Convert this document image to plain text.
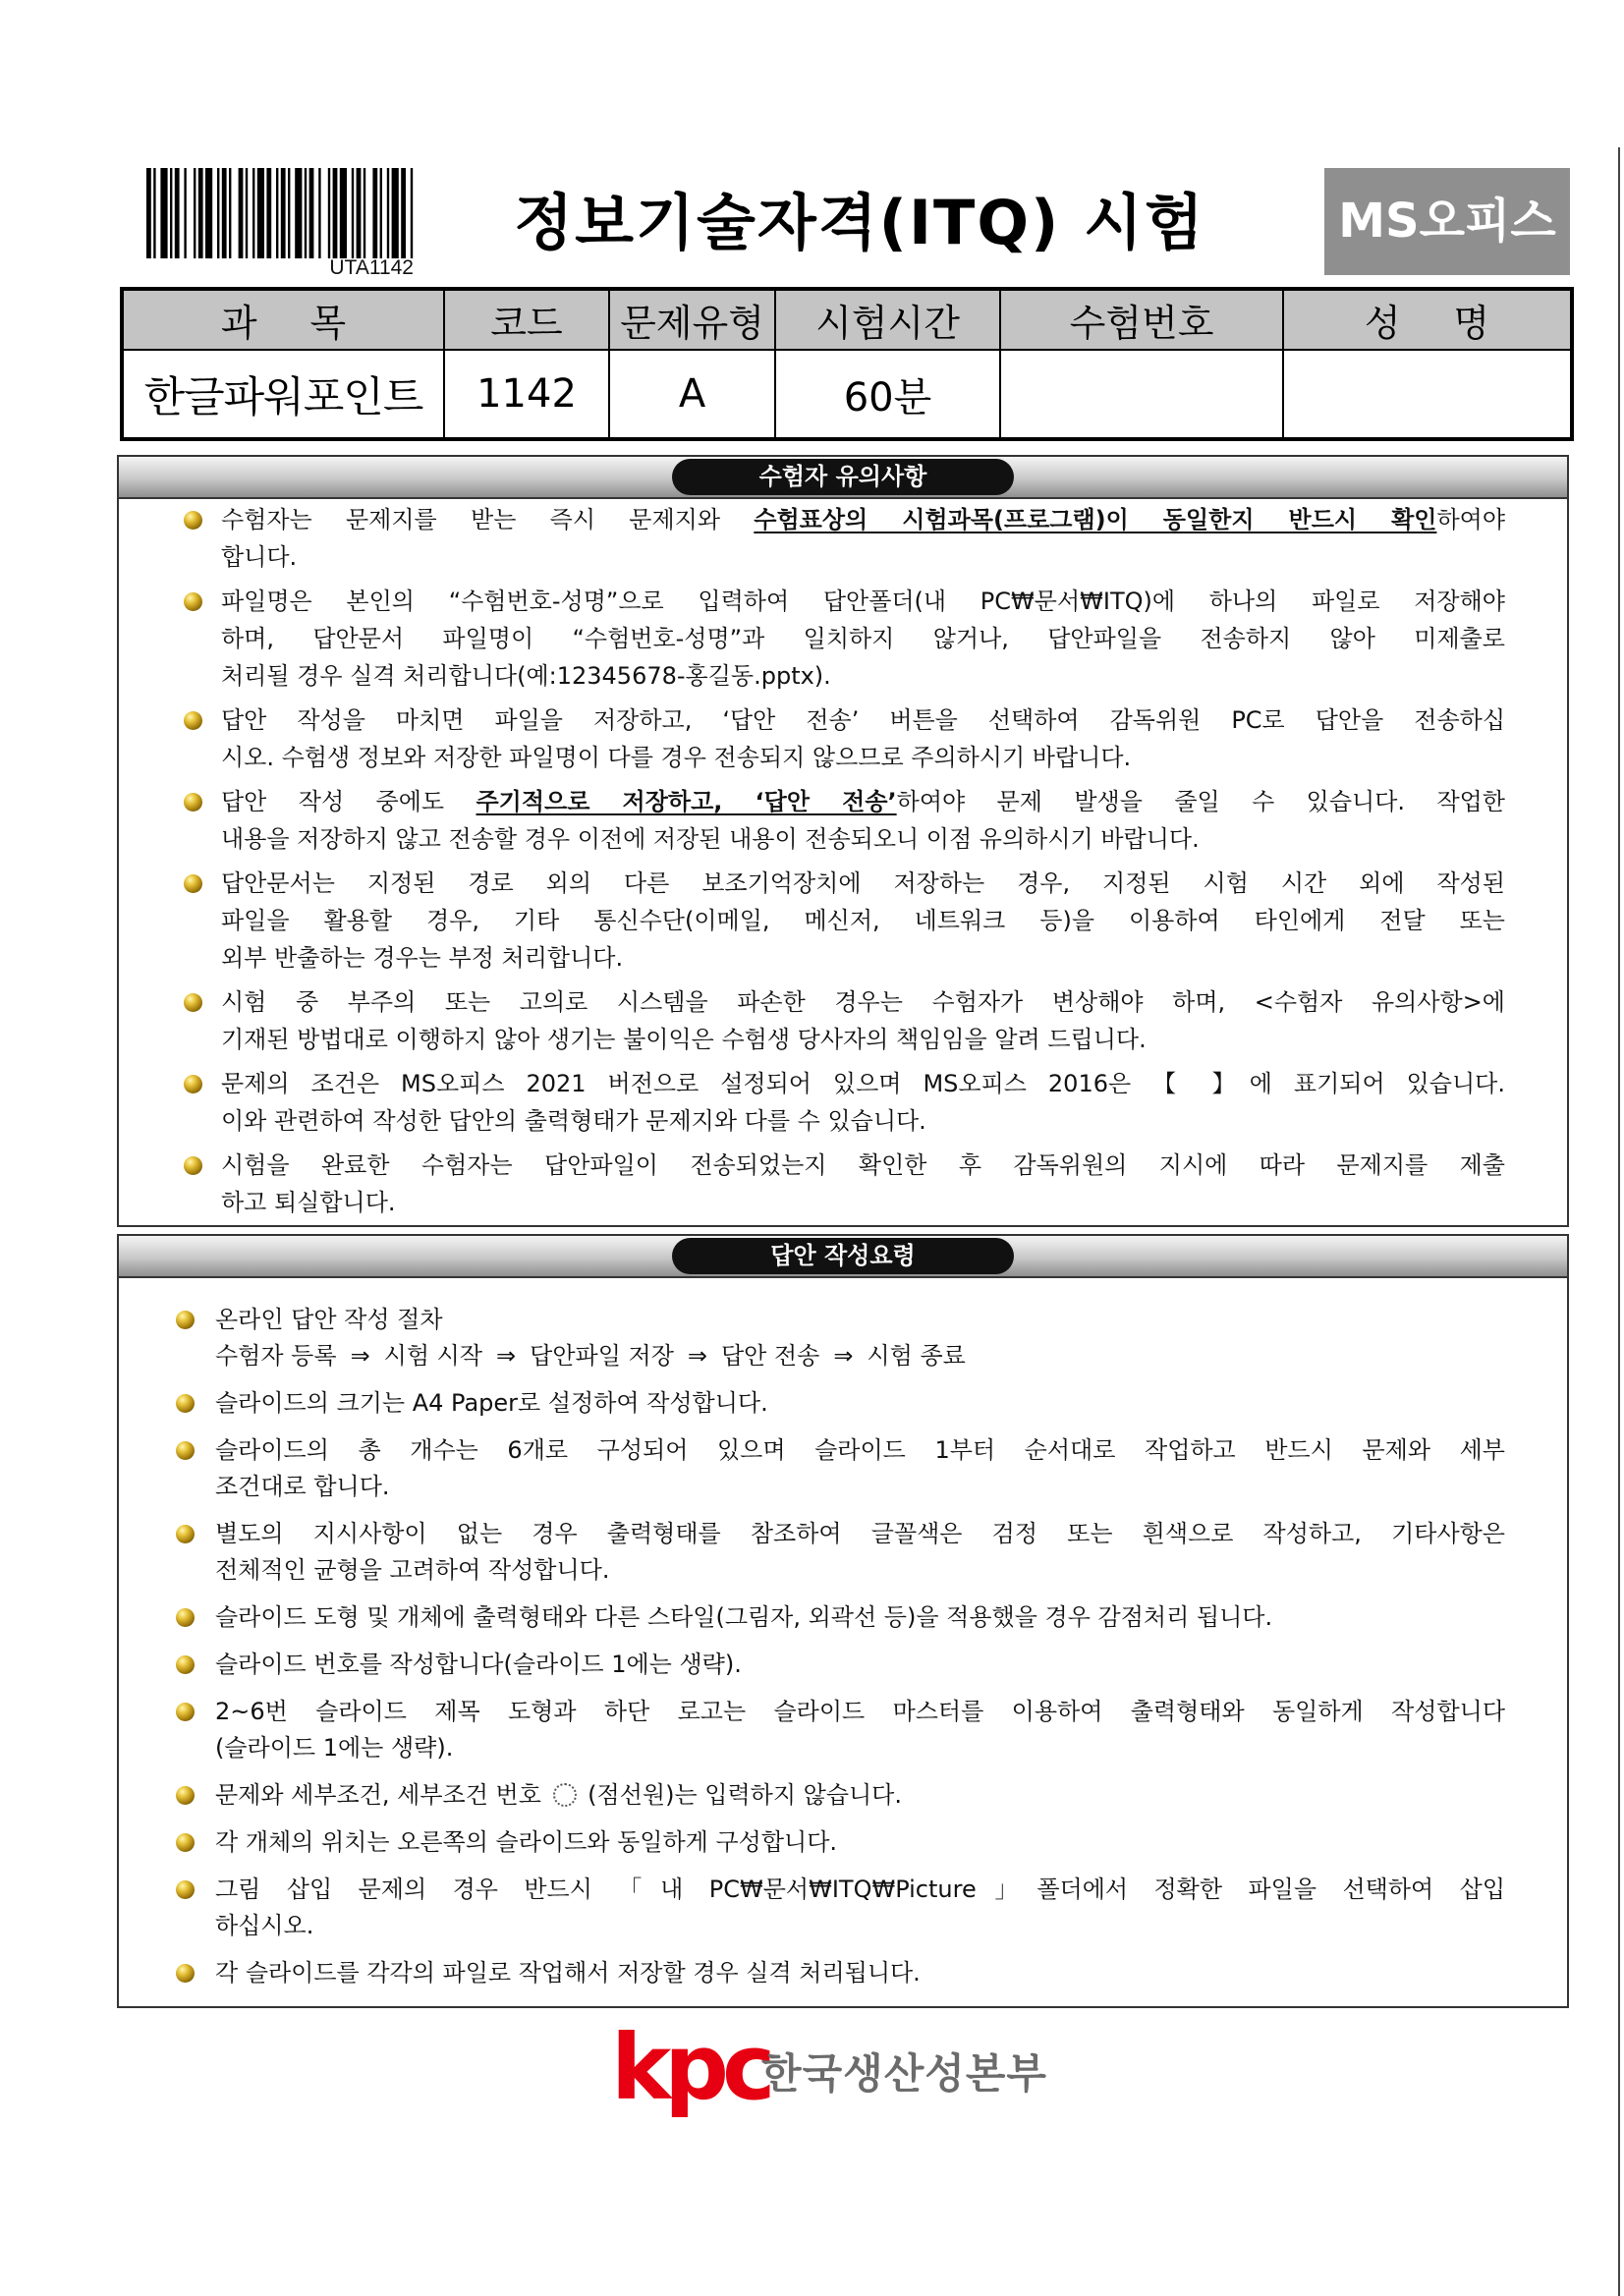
UTA1142
정보기술자격(ITQ) 시험	MS오피스
과 목	코드	문제유형	시험시간	수험번호	성 명
한글파워포인트	1142	A	60분		
수험자 유의사항
수험자는 문제지를 받는 즉시 문제지와 수험표상의 시험과목(프로그램)이 동일한지 반드시 확인하여야
합니다.
파일명은 본인의 “수험번호-성명”으로 입력하여 답안폴더(내 PC₩문서₩ITQ)에 하나의 파일로 저장해야
하며, 답안문서 파일명이 “수험번호-성명”과 일치하지 않거나, 답안파일을 전송하지 않아 미제출로
처리될 경우 실격 처리합니다(예:12345678-홍길동.pptx).
답안 작성을 마치면 파일을 저장하고, ‘답안 전송’ 버튼을 선택하여 감독위원 PC로 답안을 전송하십
시오. 수험생 정보와 저장한 파일명이 다를 경우 전송되지 않으므로 주의하시기 바랍니다.
답안 작성 중에도 주기적으로 저장하고, ‘답안 전송’하여야 문제 발생을 줄일 수 있습니다. 작업한
내용을 저장하지 않고 전송할 경우 이전에 저장된 내용이 전송되오니 이점 유의하시기 바랍니다.
답안문서는 지정된 경로 외의 다른 보조기억장치에 저장하는 경우, 지정된 시험 시간 외에 작성된
파일을 활용할 경우, 기타 통신수단(이메일, 메신저, 네트워크 등)을 이용하여 타인에게 전달 또는
외부 반출하는 경우는 부정 처리합니다.
시험 중 부주의 또는 고의로 시스템을 파손한 경우는 수험자가 변상해야 하며, <수험자 유의사항>에
기재된 방법대로 이행하지 않아 생기는 불이익은 수험생 당사자의 책임임을 알려 드립니다.
문제의 조건은 MS오피스 2021 버전으로 설정되어 있으며 MS오피스 2016은 【 】에 표기되어 있습니다.
이와 관련하여 작성한 답안의 출력형태가 문제지와 다를 수 있습니다.
시험을 완료한 수험자는 답안파일이 전송되었는지 확인한 후 감독위원의 지시에 따라 문제지를 제출
하고 퇴실합니다.
답안 작성요령
온라인 답안 작성 절차
수험자 등록 ⇒ 시험 시작 ⇒ 답안파일 저장 ⇒ 답안 전송 ⇒ 시험 종료
슬라이드의 크기는 A4 Paper로 설정하여 작성합니다.
슬라이드의 총 개수는 6개로 구성되어 있으며 슬라이드 1부터 순서대로 작업하고 반드시 문제와 세부
조건대로 합니다.
별도의 지시사항이 없는 경우 출력형태를 참조하여 글꼴색은 검정 또는 흰색으로 작성하고, 기타사항은
전체적인 균형을 고려하여 작성합니다.
슬라이드 도형 및 개체에 출력형태와 다른 스타일(그림자, 외곽선 등)을 적용했을 경우 감점처리 됩니다.
슬라이드 번호를 작성합니다(슬라이드 1에는 생략).
2~6번 슬라이드 제목 도형과 하단 로고는 슬라이드 마스터를 이용하여 출력형태와 동일하게 작성합니다
(슬라이드 1에는 생략).
문제와 세부조건, 세부조건 번호  (점선원)는 입력하지 않습니다.
각 개체의 위치는 오른쪽의 슬라이드와 동일하게 구성합니다.
그림 삽입 문제의 경우 반드시 「내 PC₩문서₩ITQ₩Picture」폴더에서 정확한 파일을 선택하여 삽입
하십시오.
각 슬라이드를 각각의 파일로 작업해서 저장할 경우 실격 처리됩니다.
kpc
한국생산성본부
